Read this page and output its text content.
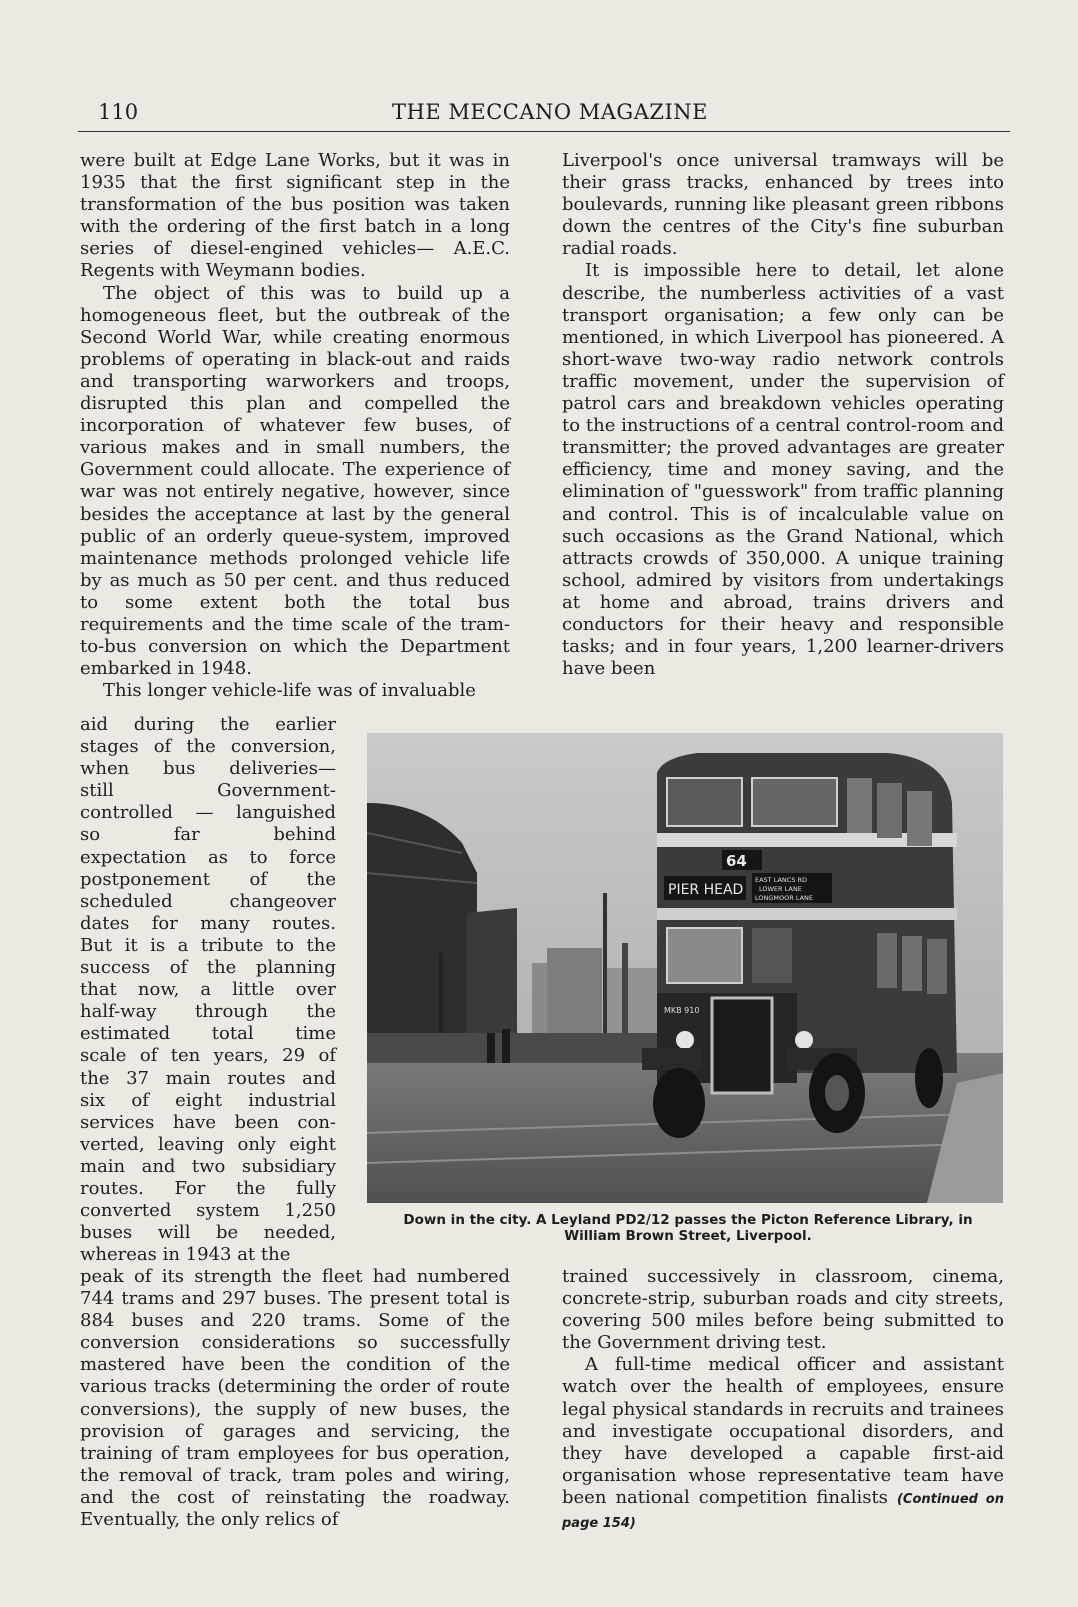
110	THE MECCANO MAGAZINE

were built at Edge Lane Works, but it was in 1935 that the first significant step in the transformation of the bus position was taken with the ordering of the first batch in a long series of diesel-engined vehicles— A.E.C. Regents with Weymann bodies.

The object of this was to build up a homogeneous fleet, but the outbreak of the Second World War, while creating enormous problems of operating in black-out and raids and transporting warworkers and troops, disrupted this plan and compelled the incorporation of whatever few buses, of various makes and in small numbers, the Government could allocate. The experience of war was not entirely negative, however, since besides the acceptance at last by the general public of an orderly queue-system, improved maintenance methods prolonged vehicle life by as much as 50 per cent. and thus reduced to some extent both the total bus requirements and the time scale of the tram-to-bus conversion on which the Department embarked in 1948.

This longer vehicle-life was of invaluable

aid during the earlier
stages of the conversion,
when bus deliveries—
still Government-
controlled — languished
so far behind
expectation as to force
postponement of the
scheduled changeover
dates for many routes.
But it is a tribute to the
success of the planning
that now, a little over
half-way through the
estimated total time
scale of ten years, 29 of
the 37 main routes and
six of eight industrial
services have been con-
verted, leaving only eight
main and two subsidiary
routes. For the fully
converted system 1,250
buses will be needed,
whereas in 1943 at the

peak of its strength the fleet had numbered 744 trams and 297 buses. The present total is 884 buses and 220 trams. Some of the conversion considerations so successfully mastered have been the condition of the various tracks (determining the order of route conversions), the supply of new buses, the provision of garages and servicing, the training of tram employees for bus operation, the removal of track, tram poles and wiring, and the cost of reinstating the roadway. Eventually, the only relics of

Liverpool's once universal tramways will be their grass tracks, enhanced by trees into boulevards, running like pleasant green ribbons down the centres of the City's fine suburban radial roads.

It is impossible here to detail, let alone describe, the numberless activities of a vast transport organisation; a few only can be mentioned, in which Liverpool has pioneered. A short-wave two-way radio network controls traffic movement, under the supervision of patrol cars and breakdown vehicles operating to the instructions of a central control-room and transmitter; the proved advantages are greater efficiency, time and money saving, and the elimination of "guesswork" from traffic planning and control. This is of incalculable value on such occasions as the Grand National, which attracts crowds of 350,000. A unique training school, admired by visitors from undertakings at home and abroad, trains drivers and conductors for their heavy and responsible tasks; and in four years, 1,200 learner-drivers have been

64
PIER HEAD
EAST LANCS RD
LOWER LANE
LONGMOOR LANE
MKB 910
Down in the city. A Leyland PD2/12 passes the Picton Reference Library, in
William Brown Street, Liverpool.

trained successively in classroom, cinema, concrete-strip, suburban roads and city streets, covering 500 miles before being submitted to the Government driving test.

A full-time medical officer and assistant watch over the health of employees, ensure legal physical standards in recruits and trainees and investigate occupational disorders, and they have developed a capable first-aid organisation whose representative team have been national competition finalists (Continued on page 154)
